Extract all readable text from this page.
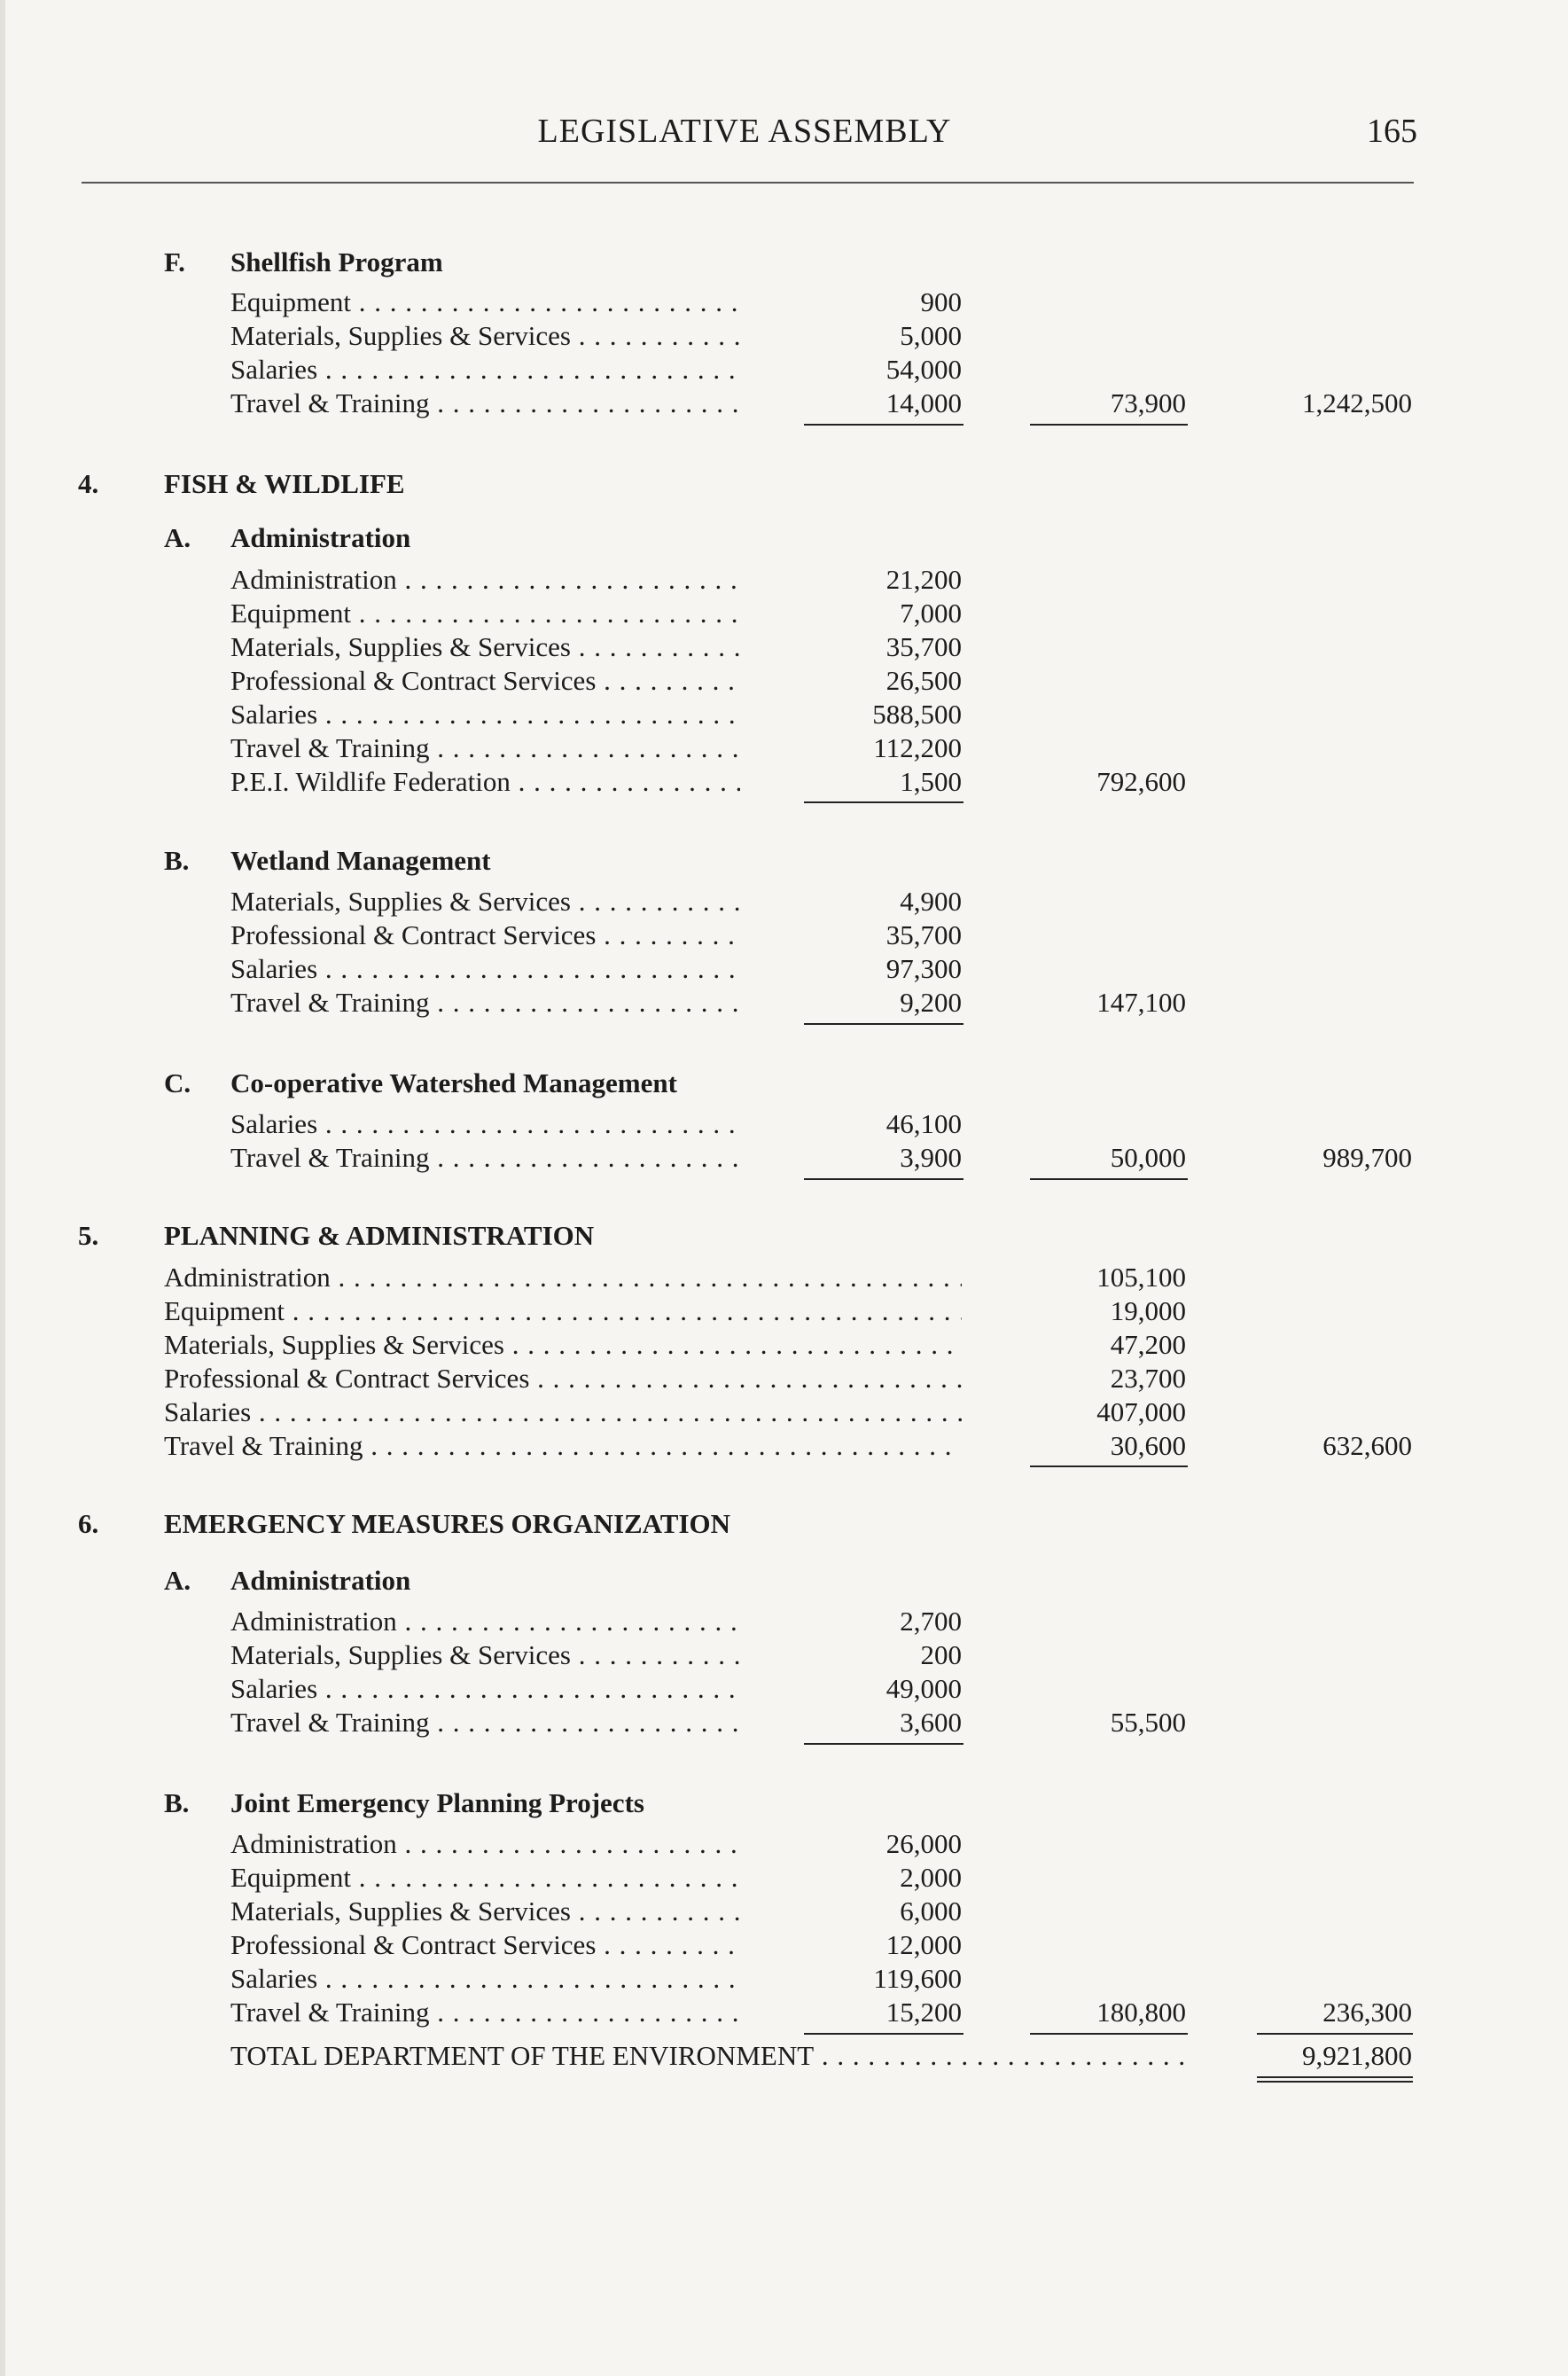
LEGISLATIVE ASSEMBLY	165
F. Shellfish Program
Equipment . . .	900
Materials, Supplies & Services . . .	5,000
Salaries . . .	54,000
Travel & Training . . .	14,000	73,900	1,242,500
4. FISH & WILDLIFE
A. Administration
Administration . . .	21,200
Equipment . . .	7,000
Materials, Supplies & Services . . .	35,700
Professional & Contract Services . . .	26,500
Salaries . . .	588,500
Travel & Training . . .	112,200
P.E.I. Wildlife Federation . . .	1,500	792,600
B. Wetland Management
Materials, Supplies & Services . . .	4,900
Professional & Contract Services . . .	35,700
Salaries . . .	97,300
Travel & Training . . .	9,200	147,100
C. Co-operative Watershed Management
Salaries . . .	46,100
Travel & Training . . .	3,900	50,000	989,700
5. PLANNING & ADMINISTRATION
Administration . . .	105,100
Equipment . . .	19,000
Materials, Supplies & Services . . .	47,200
Professional & Contract Services . . .	23,700
Salaries . . .	407,000
Travel & Training . . .	30,600	632,600
6. EMERGENCY MEASURES ORGANIZATION
A. Administration
Administration . . .	2,700
Materials, Supplies & Services . . .	200
Salaries . . .	49,000
Travel & Training . . .	3,600	55,500
B. Joint Emergency Planning Projects
Administration . . .	26,000
Equipment . . .	2,000
Materials, Supplies & Services . . .	6,000
Professional & Contract Services . . .	12,000
Salaries . . .	119,600
Travel & Training . . .	15,200	180,800	236,300
TOTAL DEPARTMENT OF THE ENVIRONMENT . . .	9,921,800
